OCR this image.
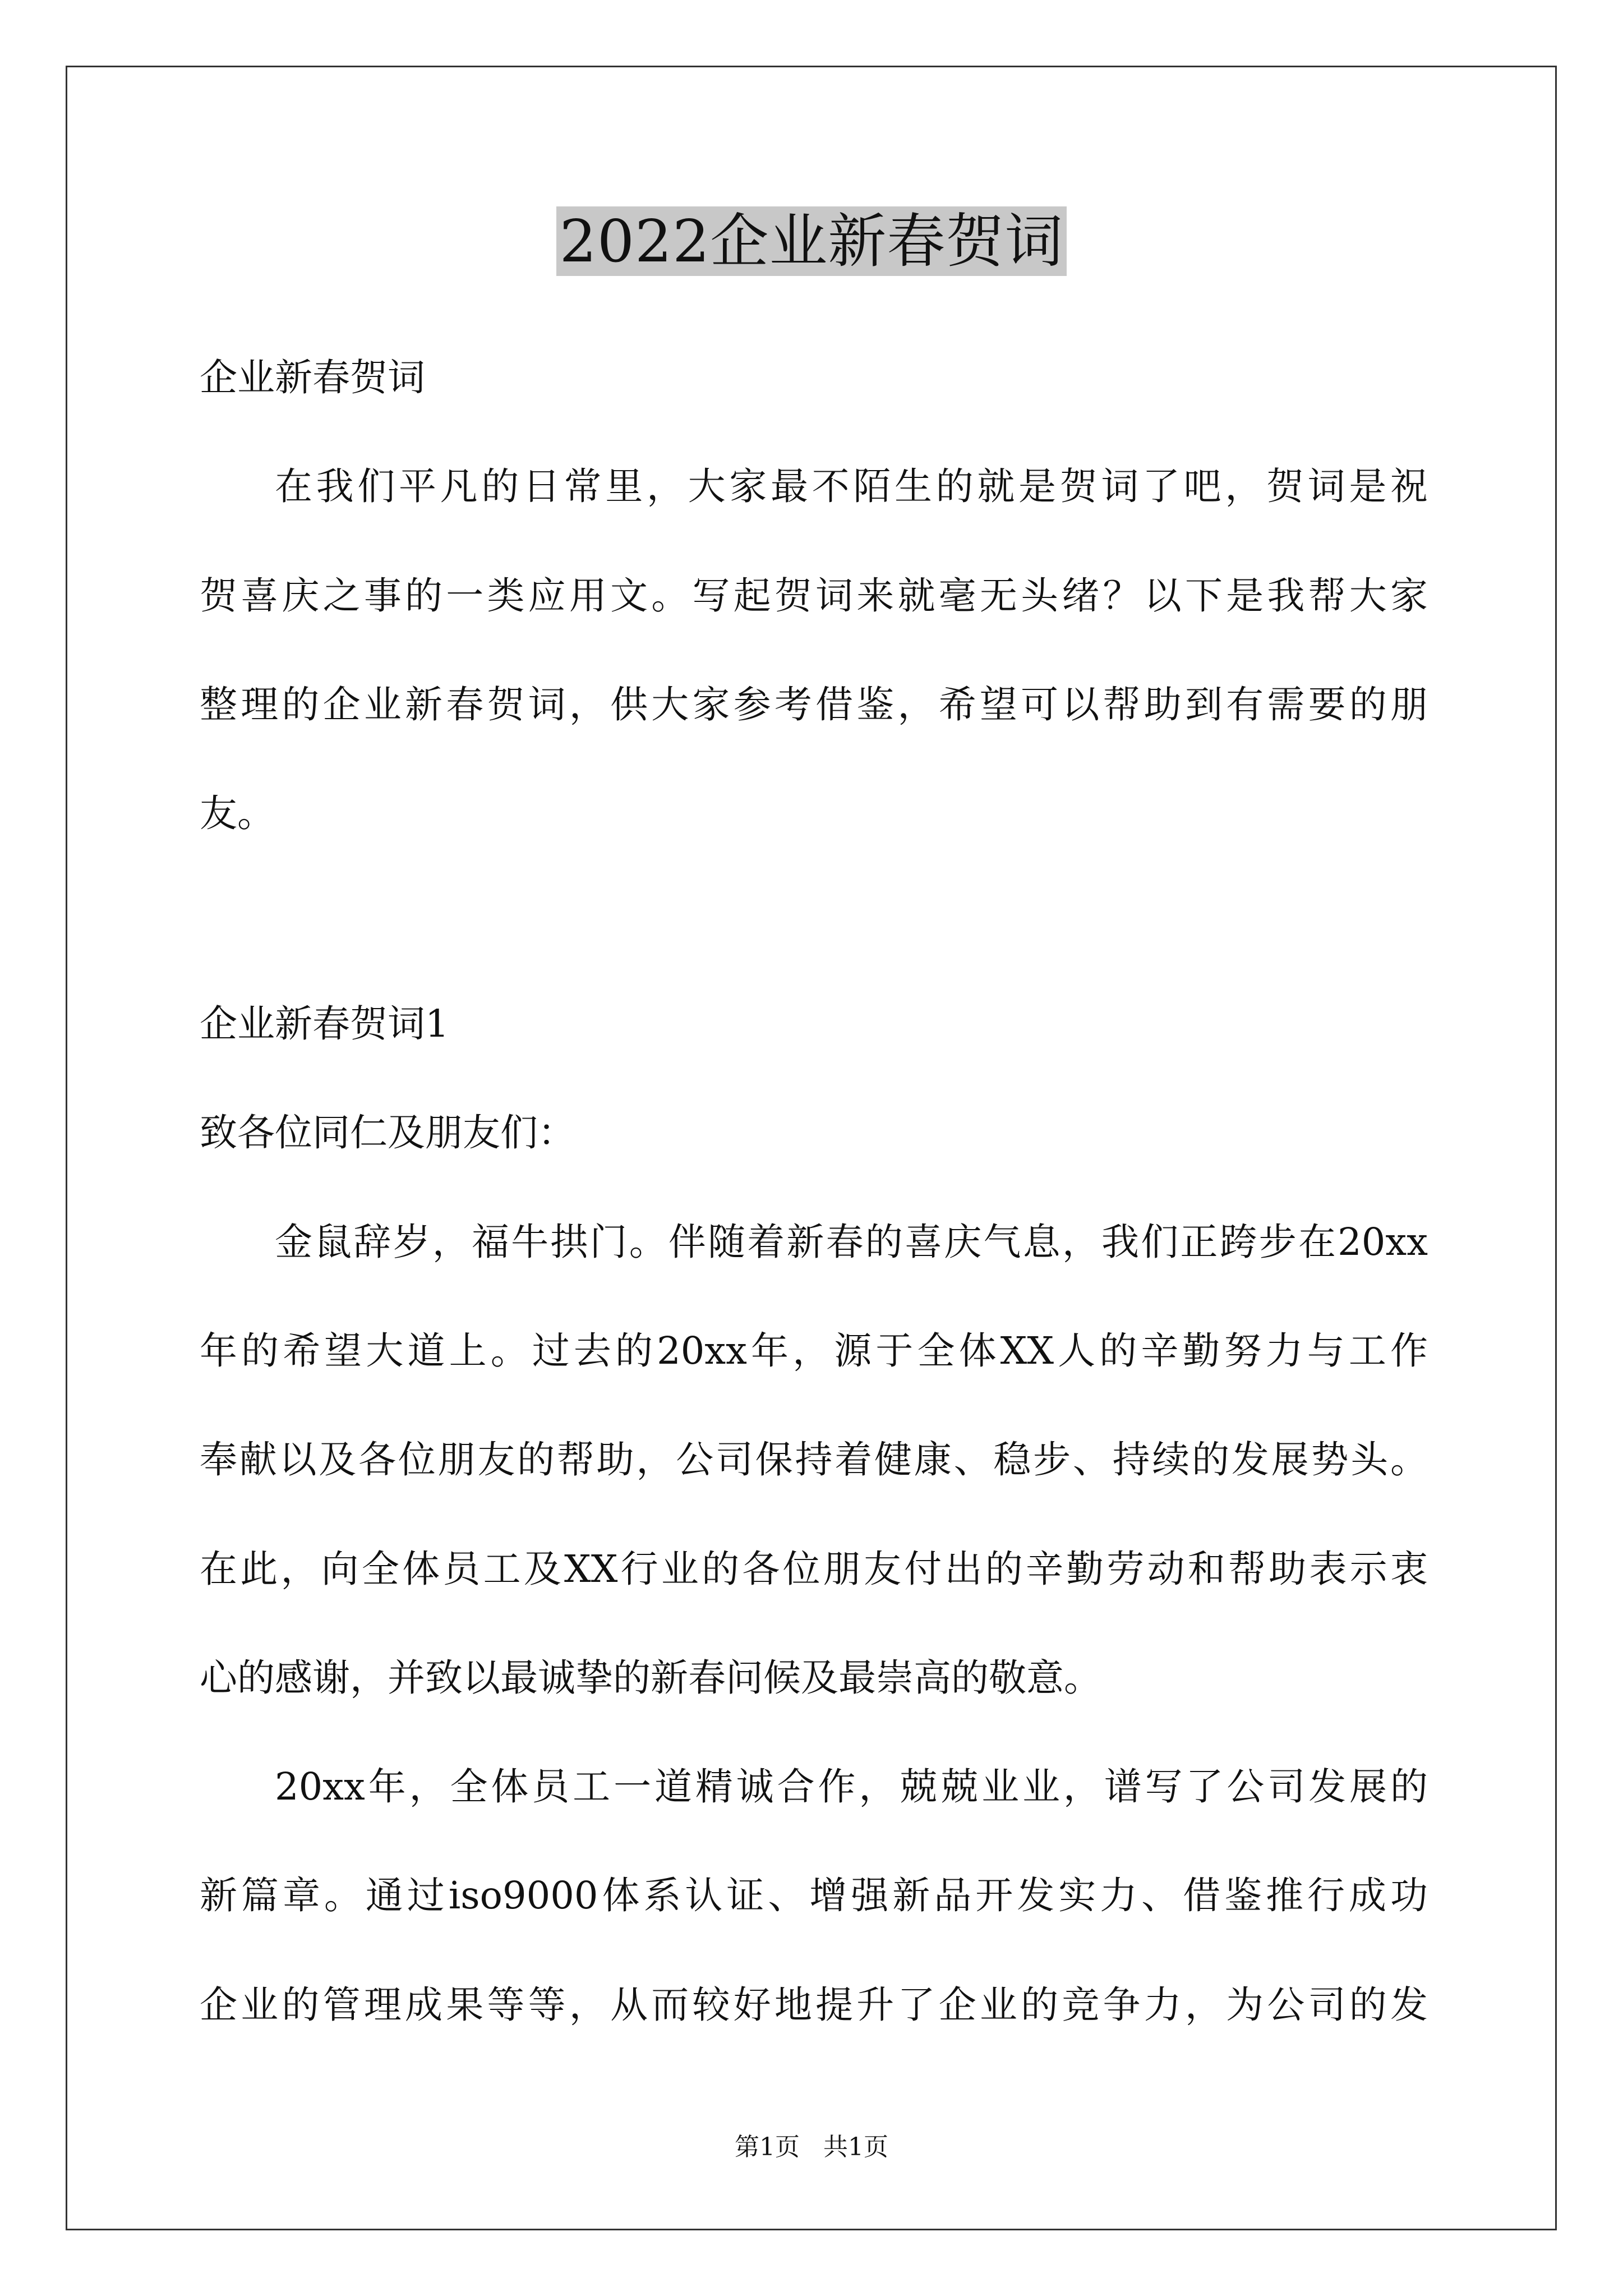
2022企业新春贺词
企业新春贺词
在我们平凡的日常里，大家最不陌生的就是贺词了吧，贺词是祝
贺喜庆之事的一类应用文。写起贺词来就毫无头绪？以下是我帮大家
整理的企业新春贺词，供大家参考借鉴，希望可以帮助到有需要的朋
友。
企业新春贺词1
致各位同仁及朋友们：
金鼠辞岁，福牛拱门。伴随着新春的喜庆气息，我们正跨步在20xx
年的希望大道上。过去的20xx年，源于全体XX人的辛勤努力与工作
奉献以及各位朋友的帮助，公司保持着健康、稳步、持续的发展势头。
在此，向全体员工及XX行业的各位朋友付出的辛勤劳动和帮助表示衷
心的感谢，并致以最诚挚的新春问候及最崇高的敬意。
20xx年，全体员工一道精诚合作，兢兢业业，谱写了公司发展的
新篇章。通过iso9000体系认证、增强新品开发实力、借鉴推行成功
企业的管理成果等等，从而较好地提升了企业的竞争力，为公司的发
第1页 共1页
